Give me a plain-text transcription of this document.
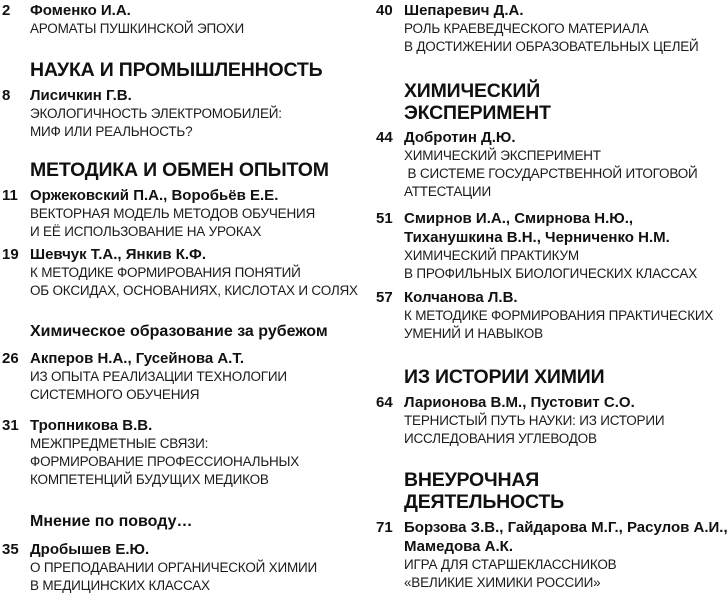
2 Фоменко И.А.
АРОМАТЫ ПУШКИНСКОЙ ЭПОХИ
НАУКА И ПРОМЫШЛЕННОСТЬ
8 Лисичкин Г.В.
ЭКОЛОГИЧНОСТЬ ЭЛЕКТРОМОБИЛЕЙ:
МИФ ИЛИ РЕАЛЬНОСТЬ?
МЕТОДИКА И ОБМЕН ОПЫТОМ
11 Оржековский П.А., Воробьёв Е.Е.
ВЕКТОРНАЯ МОДЕЛЬ МЕТОДОВ ОБУЧЕНИЯ
И ЕЁ ИСПОЛЬЗОВАНИЕ НА УРОКАХ
19 Шевчук Т.А., Янкив К.Ф.
К МЕТОДИКЕ ФОРМИРОВАНИЯ ПОНЯТИЙ
ОБ ОКСИДАХ, ОСНОВАНИЯХ, КИСЛОТАХ И СОЛЯХ
Химическое образование за рубежом
26 Акперов Н.А., Гусейнова А.Т.
ИЗ ОПЫТА РЕАЛИЗАЦИИ ТЕХНОЛОГИИ
СИСТЕМНОГО ОБУЧЕНИЯ
31 Тропникова В.В.
МЕЖПРЕДМЕТНЫЕ СВЯЗИ:
ФОРМИРОВАНИЕ ПРОФЕССИОНАЛЬНЫХ
КОМПЕТЕНЦИЙ БУДУЩИХ МЕДИКОВ
Мнение по поводу…
35 Дробышев Е.Ю.
О ПРЕПОДАВАНИИ ОРГАНИЧЕСКОЙ ХИМИИ
В МЕДИЦИНСКИХ КЛАССАХ
40 Шепаревич Д.А.
РОЛЬ КРАЕВЕДЧЕСКОГО МАТЕРИАЛА
В ДОСТИЖЕНИИ ОБРАЗОВАТЕЛЬНЫХ ЦЕЛЕЙ
ХИМИЧЕСКИЙ
ЭКСПЕРИМЕНТ
44 Добротин Д.Ю.
ХИМИЧЕСКИЙ ЭКСПЕРИМЕНТ
В СИСТЕМЕ ГОСУДАРСТВЕННОЙ ИТОГОВОЙ
АТТЕСТАЦИИ
51 Смирнов И.А., Смирнова Н.Ю.,
Тиханушкина В.Н., Черниченко Н.М.
ХИМИЧЕСКИЙ ПРАКТИКУМ
В ПРОФИЛЬНЫХ БИОЛОГИЧЕСКИХ КЛАССАХ
57 Колчанова Л.В.
К МЕТОДИКЕ ФОРМИРОВАНИЯ ПРАКТИЧЕСКИХ
УМЕНИЙ И НАВЫКОВ
ИЗ ИСТОРИИ ХИМИИ
64 Ларионова В.М., Пустовит С.О.
ТЕРНИСТЫЙ ПУТЬ НАУКИ: ИЗ ИСТОРИИ
ИССЛЕДОВАНИЯ УГЛЕВОДОВ
ВНЕУРОЧНАЯ
ДЕЯТЕЛЬНОСТЬ
71 Борзова З.В., Гайдарова М.Г., Расулов А.И.,
Мамедова А.К.
ИГРА ДЛЯ СТАРШЕКЛАССНИКОВ
«ВЕЛИКИЕ ХИМИКИ РОССИИ»
